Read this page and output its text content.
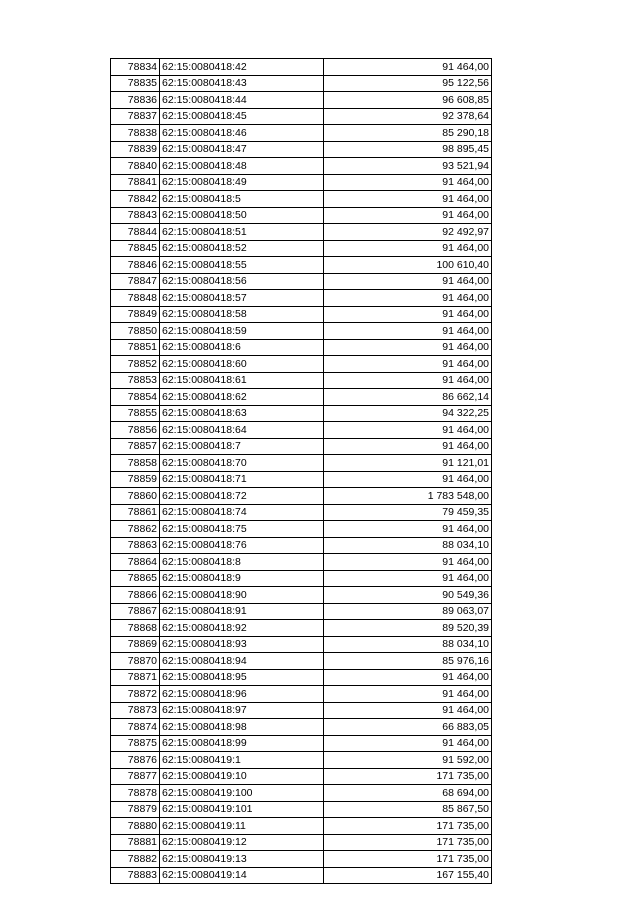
78834	62:15:0080418:42	91 464,00
78835	62:15:0080418:43	95 122,56
78836	62:15:0080418:44	96 608,85
78837	62:15:0080418:45	92 378,64
78838	62:15:0080418:46	85 290,18
78839	62:15:0080418:47	98 895,45
78840	62:15:0080418:48	93 521,94
78841	62:15:0080418:49	91 464,00
78842	62:15:0080418:5	91 464,00
78843	62:15:0080418:50	91 464,00
78844	62:15:0080418:51	92 492,97
78845	62:15:0080418:52	91 464,00
78846	62:15:0080418:55	100 610,40
78847	62:15:0080418:56	91 464,00
78848	62:15:0080418:57	91 464,00
78849	62:15:0080418:58	91 464,00
78850	62:15:0080418:59	91 464,00
78851	62:15:0080418:6	91 464,00
78852	62:15:0080418:60	91 464,00
78853	62:15:0080418:61	91 464,00
78854	62:15:0080418:62	86 662,14
78855	62:15:0080418:63	94 322,25
78856	62:15:0080418:64	91 464,00
78857	62:15:0080418:7	91 464,00
78858	62:15:0080418:70	91 121,01
78859	62:15:0080418:71	91 464,00
78860	62:15:0080418:72	1 783 548,00
78861	62:15:0080418:74	79 459,35
78862	62:15:0080418:75	91 464,00
78863	62:15:0080418:76	88 034,10
78864	62:15:0080418:8	91 464,00
78865	62:15:0080418:9	91 464,00
78866	62:15:0080418:90	90 549,36
78867	62:15:0080418:91	89 063,07
78868	62:15:0080418:92	89 520,39
78869	62:15:0080418:93	88 034,10
78870	62:15:0080418:94	85 976,16
78871	62:15:0080418:95	91 464,00
78872	62:15:0080418:96	91 464,00
78873	62:15:0080418:97	91 464,00
78874	62:15:0080418:98	66 883,05
78875	62:15:0080418:99	91 464,00
78876	62:15:0080419:1	91 592,00
78877	62:15:0080419:10	171 735,00
78878	62:15:0080419:100	68 694,00
78879	62:15:0080419:101	85 867,50
78880	62:15:0080419:11	171 735,00
78881	62:15:0080419:12	171 735,00
78882	62:15:0080419:13	171 735,00
78883	62:15:0080419:14	167 155,40
